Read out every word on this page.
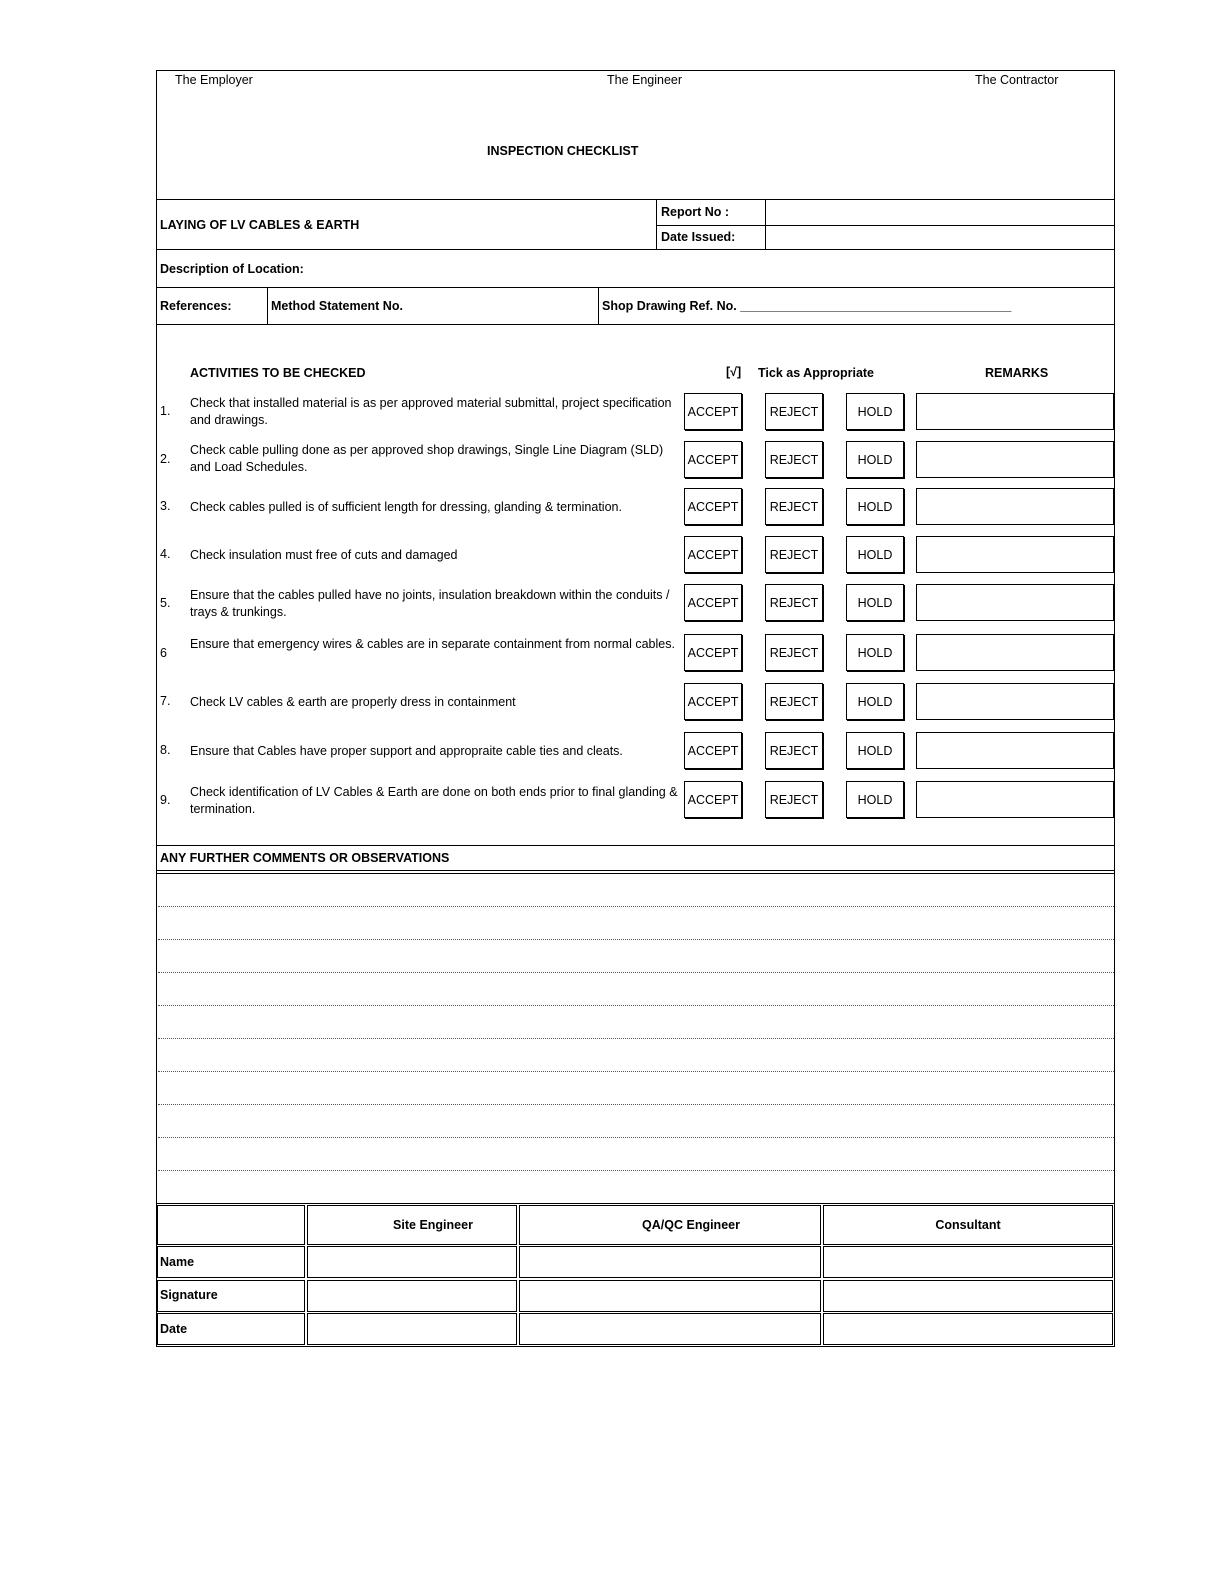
The Employer	The Engineer	The Contractor
INSPECTION CHECKLIST
LAYING OF LV CABLES & EARTH
Report No :
Date Issued:
Description of Location:
References:	Method Statement No.	Shop Drawing Ref. No. _______________________________________
ACTIVITIES TO BE CHECKED	[√] Tick as Appropriate	REMARKS
1.
Check that installed material is as per approved material submittal, project specification and drawings.
ACCEPT	REJECT	HOLD
2.
Check cable pulling done as per approved shop drawings, Single Line Diagram (SLD) and Load Schedules.
ACCEPT	REJECT	HOLD
3. Check cables pulled is of sufficient length for dressing, glanding & termination.	ACCEPT	REJECT	HOLD
4. Check insulation must free of cuts and damaged	ACCEPT	REJECT	HOLD
5.
Ensure that the cables pulled have no joints, insulation breakdown within the conduits / trays & trunkings.
ACCEPT	REJECT	HOLD
6
Ensure that emergency wires & cables are in separate containment from normal cables.
ACCEPT	REJECT	HOLD
7. Check LV cables & earth are properly dress in containment	ACCEPT	REJECT	HOLD
8. Ensure that Cables have proper support and appropraite cable ties and cleats.	ACCEPT	REJECT	HOLD
9.
Check identification of LV Cables & Earth are done on both ends prior to final glanding & termination.
ACCEPT	REJECT	HOLD
ANY FURTHER COMMENTS OR OBSERVATIONS
Site Engineer	QA/QC Engineer	Consultant
Name
Signature
Date
